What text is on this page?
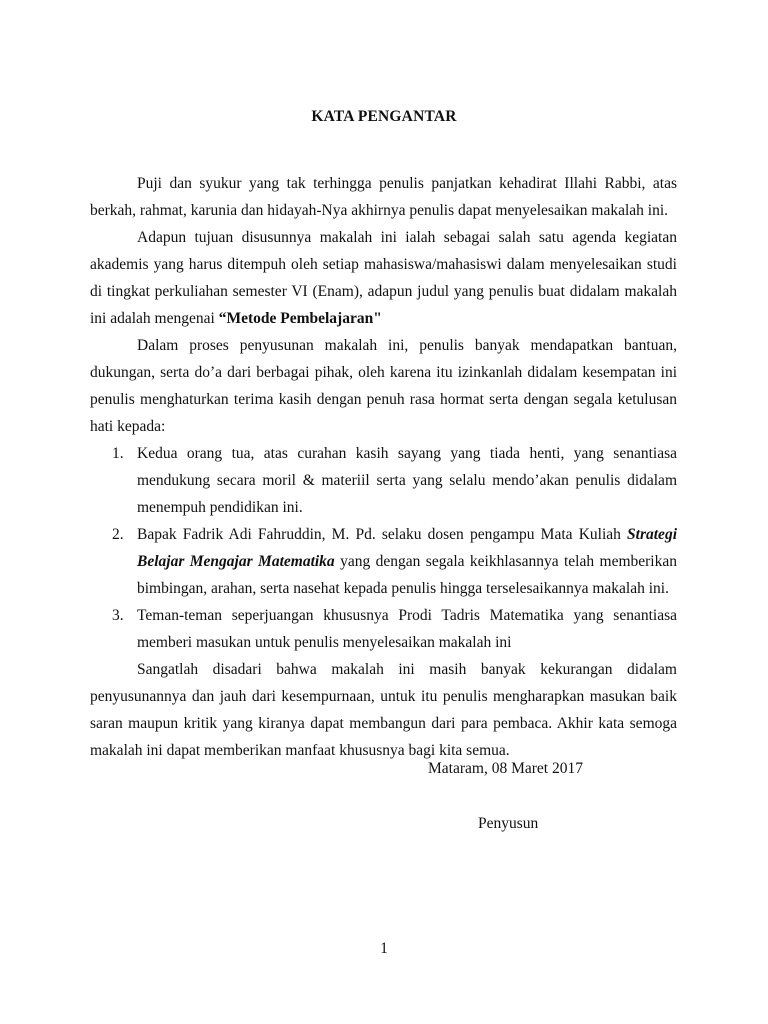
KATA PENGANTAR

Puji dan syukur yang tak terhingga penulis panjatkan kehadirat Illahi Rabbi, atas berkah, rahmat, karunia dan hidayah-Nya akhirnya penulis dapat menyelesaikan makalah ini.

Adapun tujuan disusunnya makalah ini ialah sebagai salah satu agenda kegiatan akademis yang harus ditempuh oleh setiap mahasiswa/mahasiswi dalam menyelesaikan studi di tingkat perkuliahan semester VI (Enam), adapun judul yang penulis buat didalam makalah ini adalah mengenai “Metode Pembelajaran"

Dalam proses penyusunan makalah ini, penulis banyak mendapatkan bantuan, dukungan, serta do’a dari berbagai pihak, oleh karena itu izinkanlah didalam kesempatan ini penulis menghaturkan terima kasih dengan penuh rasa hormat serta dengan segala ketulusan hati kepada:

1. Kedua orang tua, atas curahan kasih sayang yang tiada henti, yang senantiasa mendukung secara moril & materiil serta yang selalu mendo’akan penulis didalam menempuh pendidikan ini.
2. Bapak Fadrik Adi Fahruddin, M. Pd. selaku dosen pengampu Mata Kuliah Strategi Belajar Mengajar Matematika yang dengan segala keikhlasannya telah memberikan bimbingan, arahan, serta nasehat kepada penulis hingga terselesaikannya makalah ini.
3. Teman-teman seperjuangan khususnya Prodi Tadris Matematika yang senantiasa memberi masukan untuk penulis menyelesaikan makalah ini

Sangatlah disadari bahwa makalah ini masih banyak kekurangan didalam penyusunannya dan jauh dari kesempurnaan, untuk itu penulis mengharapkan masukan baik saran maupun kritik yang kiranya dapat membangun dari para pembaca. Akhir kata semoga makalah ini dapat memberikan manfaat khususnya bagi kita semua.

Mataram, 08 Maret 2017
Penyusun
1
